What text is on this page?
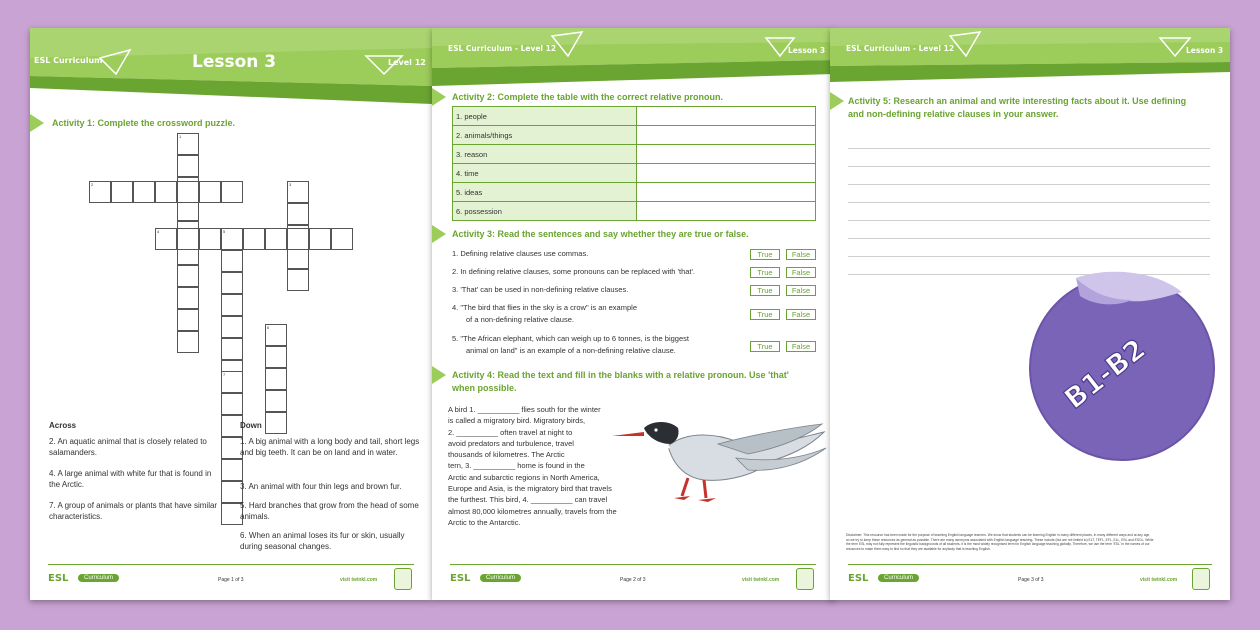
ESL Curriculum	Lesson 3	Level 12
Activity 1: Complete the crossword puzzle.
1
2	3
4	5
6
7
Across
2. An aquatic animal that is closely related to salamanders.
4. A large animal with white fur that is found in the Arctic.
7. A group of animals or plants that have similar characteristics.
Down
1. A big animal with a long body and tail, short legs and big teeth. It can be on land and in water.
3. An animal with four thin legs and brown fur.
5. Hard branches that grow from the head of some animals.
6. When an animal loses its fur or skin, usually during seasonal changes.
ESL	Curriculum	Page 1 of 3	visit twinkl.com
ESL Curriculum - Level 12	Lesson 3
Activity 2: Complete the table with the correct relative pronoun.
1. people	
2. animals/things	
3. reason	
4. time	
5. ideas	
6. possession	
Activity 3: Read the sentences and say whether they are true or false.
1. Defining relative clauses use commas.	True	False
2. In defining relative clauses, some pronouns can be replaced with 'that'.	True	False
3. 'That' can be used in non-defining relative clauses.	True	False
4. "The bird that flies in the sky is a crow" is an example
of a non-defining relative clause.
True	False
5. "The African elephant, which can weigh up to 6 tonnes, is the biggest
animal on land" is an example of a non-defining relative clause.	True	False
Activity 4: Read the text and fill in the blanks with a relative pronoun. Use 'that'
when possible.
A bird 1. __________ flies south for the winter
is called a migratory bird. Migratory birds,
2. __________ often travel at night to
avoid predators and turbulence, travel
thousands of kilometres. The Arctic
tern, 3. __________ home is found in the
Arctic and subarctic regions in North America,
Europe and Asia, is the migratory bird that travels
the furthest. This bird, 4. __________ can travel
almost 80,000 kilometres annually, travels from the
Arctic to the Antarctic.
ESL	Curriculum	Page 2 of 3	visit twinkl.com
ESL Curriculum - Level 12	Lesson 3
Activity 5: Research an animal and write interesting facts about it. Use defining
and non-defining relative clauses in your answer.
B1-B2
Disclaimer: This resource has been made for the purpose of teaching English language learners. We know that students can be learning English in many different places, in many different ways and at any age,
so we try to keep these resources as general as possible. There are many acronyms associated with English language teaching. These include (but are not limited to) ELT, TEFL, EFL, ELL, ESL and ESOL. While
the term ESL may not fully represent the linguistic backgrounds of all students, it is the most widely recognised term for English language teaching globally. Therefore, we use the term 'ESL' in the names of our
resources to make them easy to find so that they are available for anybody that is teaching English.
ESL	Curriculum	Page 3 of 3	visit twinkl.com
